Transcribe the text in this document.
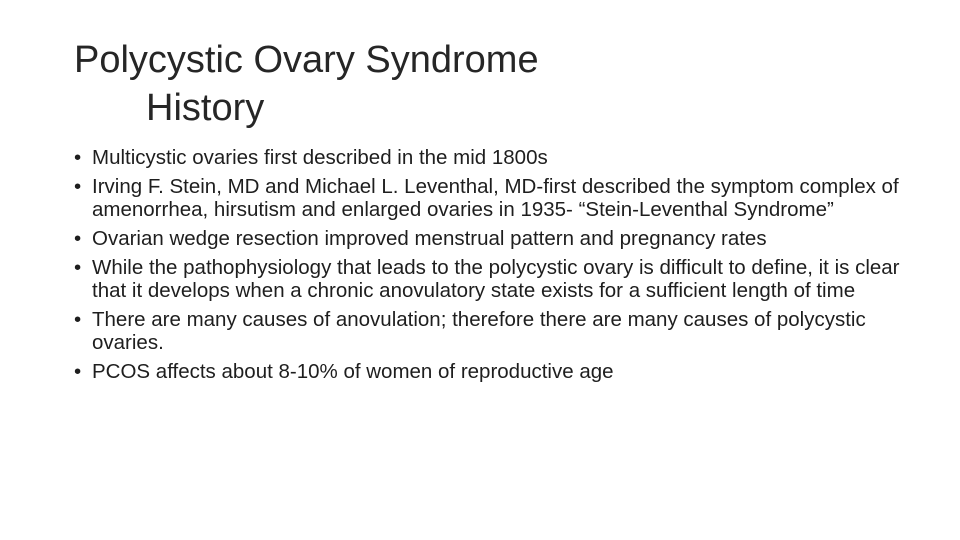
Polycystic Ovary Syndrome
History
• Multicystic ovaries first described in the mid 1800s
• Irving F. Stein, MD and Michael L. Leventhal, MD-first described the symptom complex of amenorrhea, hirsutism and enlarged ovaries in 1935- “Stein-Leventhal Syndrome”
• Ovarian wedge resection improved menstrual pattern and pregnancy rates
• While the pathophysiology that leads to the polycystic ovary is difficult to define, it is clear that it develops when a chronic anovulatory state exists for a sufficient length of time
• There are many causes of anovulation; therefore there are many causes of polycystic ovaries.
• PCOS affects about 8-10% of women of reproductive age
